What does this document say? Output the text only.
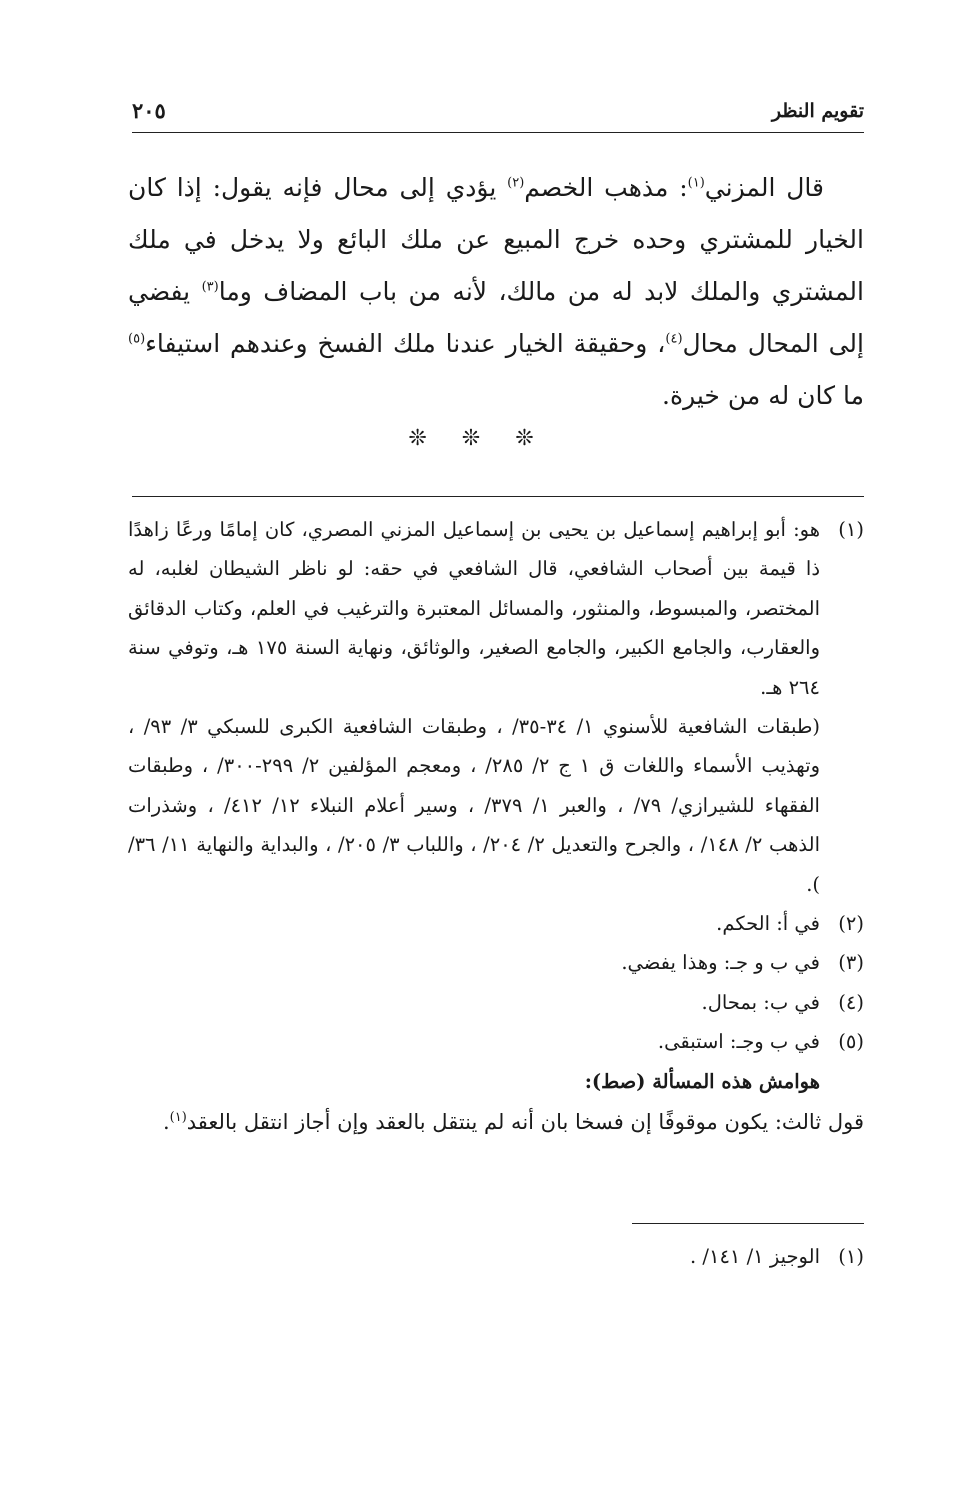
تقويم النظر
٢٠٥

قال المزني$^{(١)}$: مذهب الخصم$^{(٢)}$ يؤدي إلى محال فإنه يقول: إذا كان الخيار للمشتري وحده خرج المبيع عن ملك البائع ولا يدخل في ملك المشتري والملك لابد له من مالك، لأنه من باب المضاف وما$^{(٣)}$ يفضي إلى المحال محال$^{(٤)}$، وحقيقة الخيار عندنا ملك الفسخ وعندهم استيفاء$^{(٥)}$ ما كان له من خيرة.

❊ ❊ ❊
(١)
هو: أبو إبراهيم إسماعيل بن يحيى بن إسماعيل المزني المصري، كان إمامًا ورعًا زاهدًا ذا قيمة بين أصحاب الشافعي، قال الشافعي في حقه: لو ناظر الشيطان لغلبه، له المختصر، والمبسوط، والمنثور، والمسائل المعتبرة والترغيب في العلم، وكتاب الدقائق والعقارب، والجامع الكبير، والجامع الصغير، والوثائق، ونهاية السنة ١٧٥ هـ، وتوفي سنة ٢٦٤ هـ.

(طبقات الشافعية للأسنوي ١/ ٣٤-٣٥/ ، وطبقات الشافعية الكبرى للسبكي ٣/ ٩٣/ ، وتهذيب الأسماء واللغات ق ١ ج ٢/ ٢٨٥/ ، ومعجم المؤلفين ٢/ ٢٩٩-٣٠٠/ ، وطبقات الفقهاء للشيرازي/ ٧٩/ ، والعبر ١/ ٣٧٩/ ، وسير أعلام النبلاء ١٢/ ٤١٢/ ، وشذرات الذهب ٢/ ١٤٨/ ، والجرح والتعديل ٢/ ٢٠٤/ ، واللباب ٣/ ٢٠٥/ ، والبداية والنهاية ١١/ ٣٦/ ).

(٢)
في أ: الحكم.
(٣)
في ب و جـ: وهذا يفضي.
(٤)
في ب: بمحال.
(٥)
في ب وجـ: استبقى.

هوامش هذه المسألة (صط):

قول ثالث: يكون موقوفًا إن فسخا بان أنه لم ينتقل بالعقد وإن أجاز انتقل بالعقد$^{(١)}$.

(١)
الوجيز ١/ ١٤١/ .
